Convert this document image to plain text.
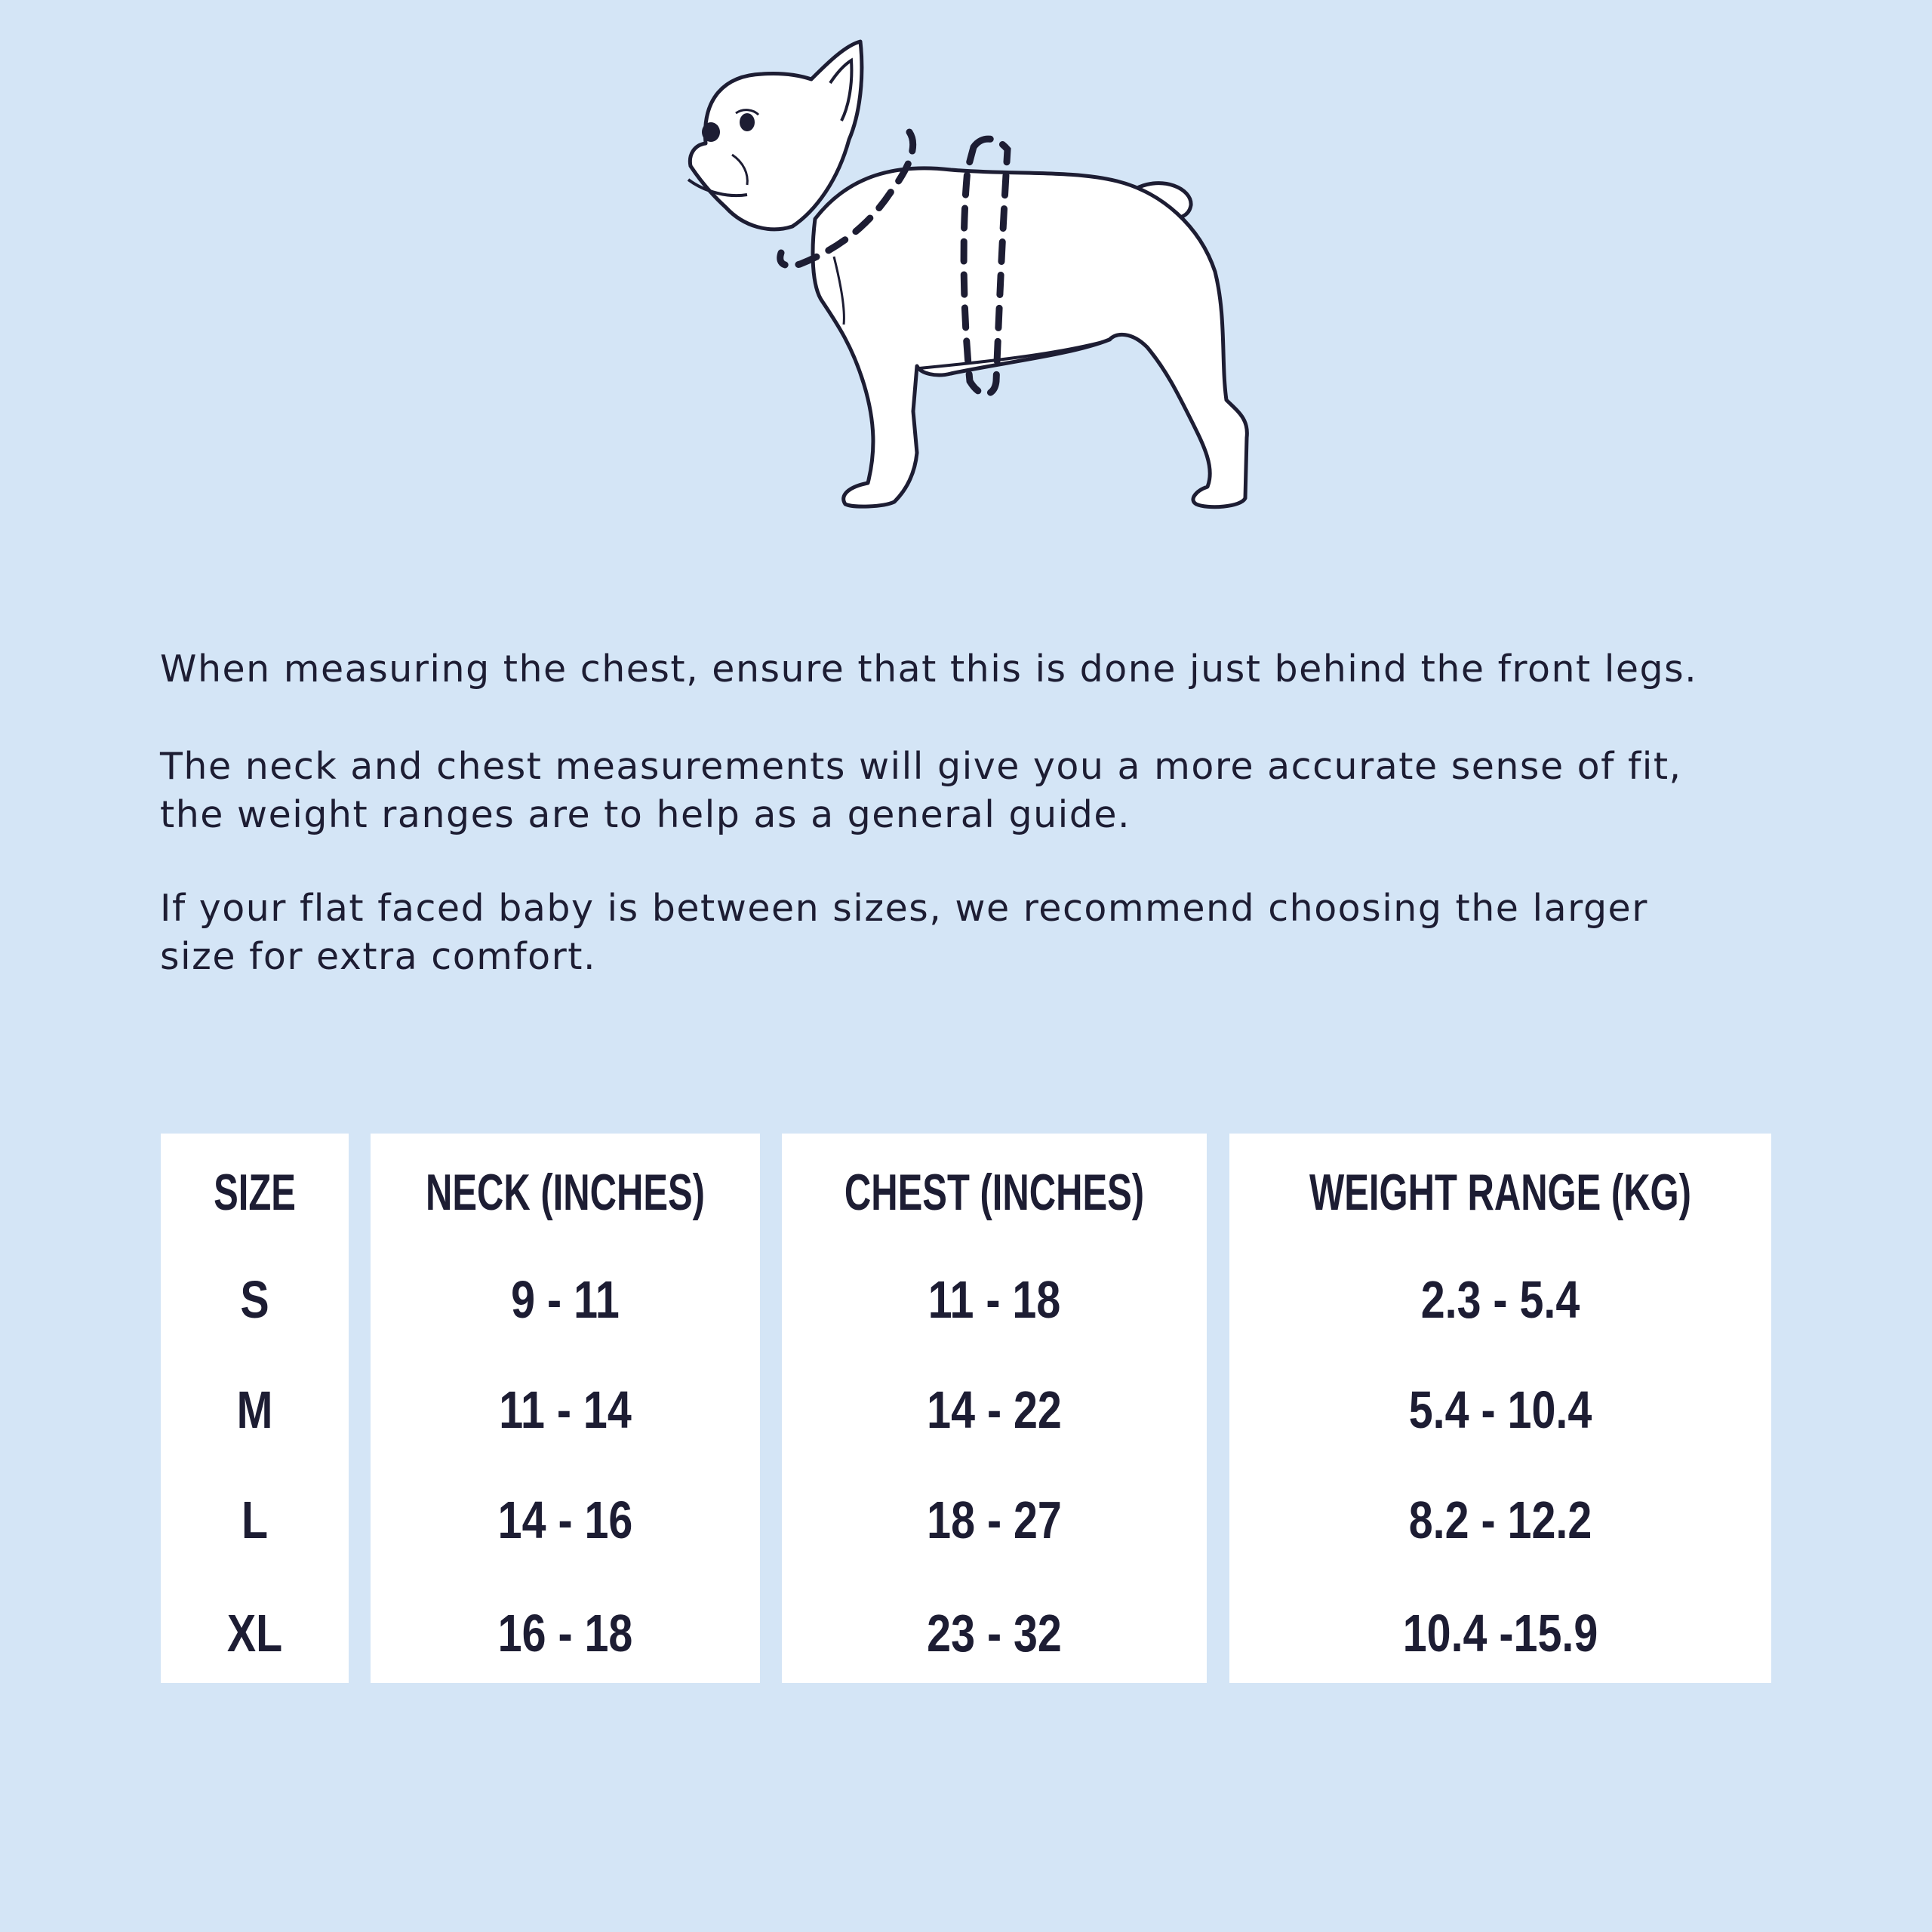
When measuring the chest, ensure that this is done just behind the front legs.

The neck and chest measurements will give you a more accurate sense of fit,
the weight ranges are to help as a general guide.

If your flat faced baby is between sizes, we recommend choosing the larger
size for extra comfort.

SIZE
S
M
L
XL
NECK (INCHES)
9 - 11
11 - 14
14 - 16
16 - 18
CHEST (INCHES)
11 - 18
14 - 22
18 - 27
23 - 32
WEIGHT RANGE (KG)
2.3 - 5.4
5.4 - 10.4
8.2 - 12.2
10.4 -15.9
